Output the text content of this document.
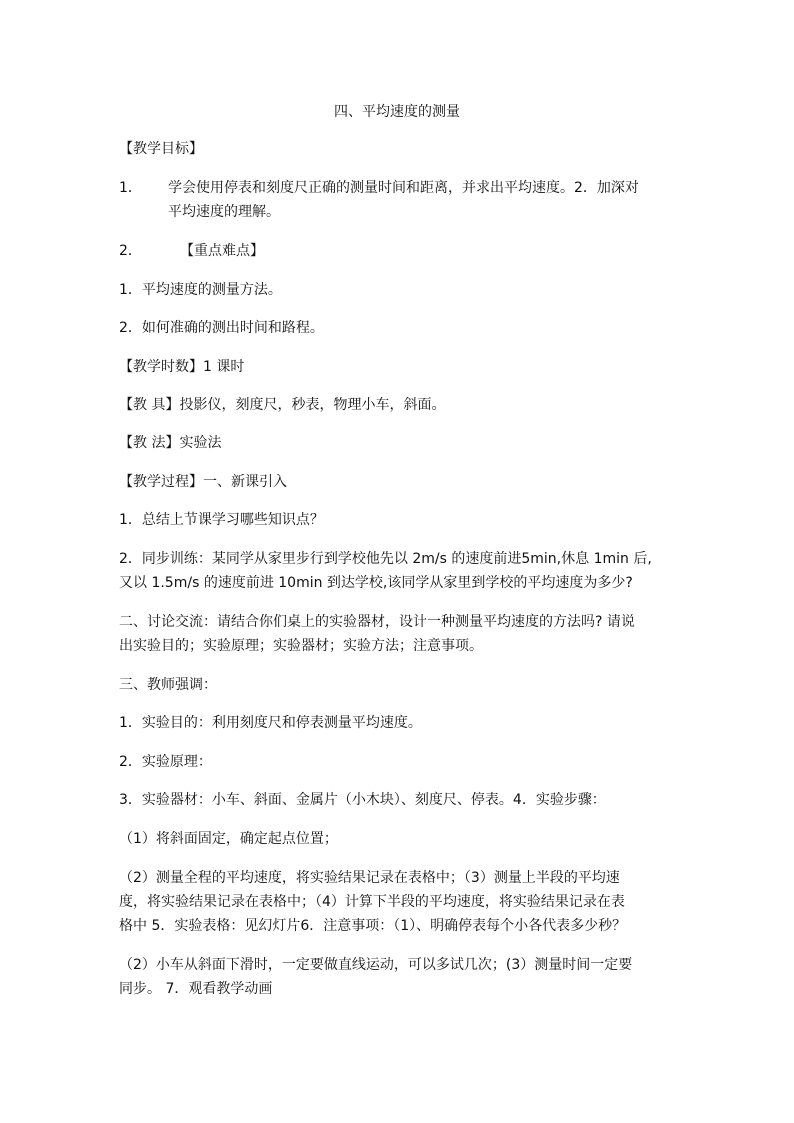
四、平均速度的测量
【教学目标】
1．	学会使用停表和刻度尺正确的测量时间和距离，并求出平均速度。2．加深对
平均速度的理解。
2．	【重点难点】
1．平均速度的测量方法。
2．如何准确的测出时间和路程。
【教学时数】1 课时
【教 具】投影仪，刻度尺，秒表，物理小车，斜面。
【教 法】实验法
【教学过程】一、新课引入
1．总结上节课学习哪些知识点？
2．同步训练：某同学从家里步行到学校他先以 2m/s 的速度前进5min,休息 1min 后,
又以 1.5m/s 的速度前进 10min 到达学校,该同学从家里到学校的平均速度为多少?
二、讨论交流：请结合你们桌上的实验器材，设计一种测量平均速度的方法吗? 请说
出实验目的；实验原理；实验器材；实验方法；注意事项。
三、教师强调：
1．实验目的：利用刻度尺和停表测量平均速度。
2．实验原理：
3．实验器材：小车、斜面、金属片（小木块）、刻度尺、停表。4．实验步骤：
（1）将斜面固定，确定起点位置；
（2）测量全程的平均速度，将实验结果记录在表格中；（3）测量上半段的平均速
度，将实验结果记录在表格中；（4）计算下半段的平均速度，将实验结果记录在表
格中 5．实验表格：见幻灯片6．注意事项：（1）、明确停表每个小各代表多少秒？
（2）小车从斜面下滑时，一定要做直线运动，可以多试几次；(3）测量时间一定要
同步。 7．观看教学动画
